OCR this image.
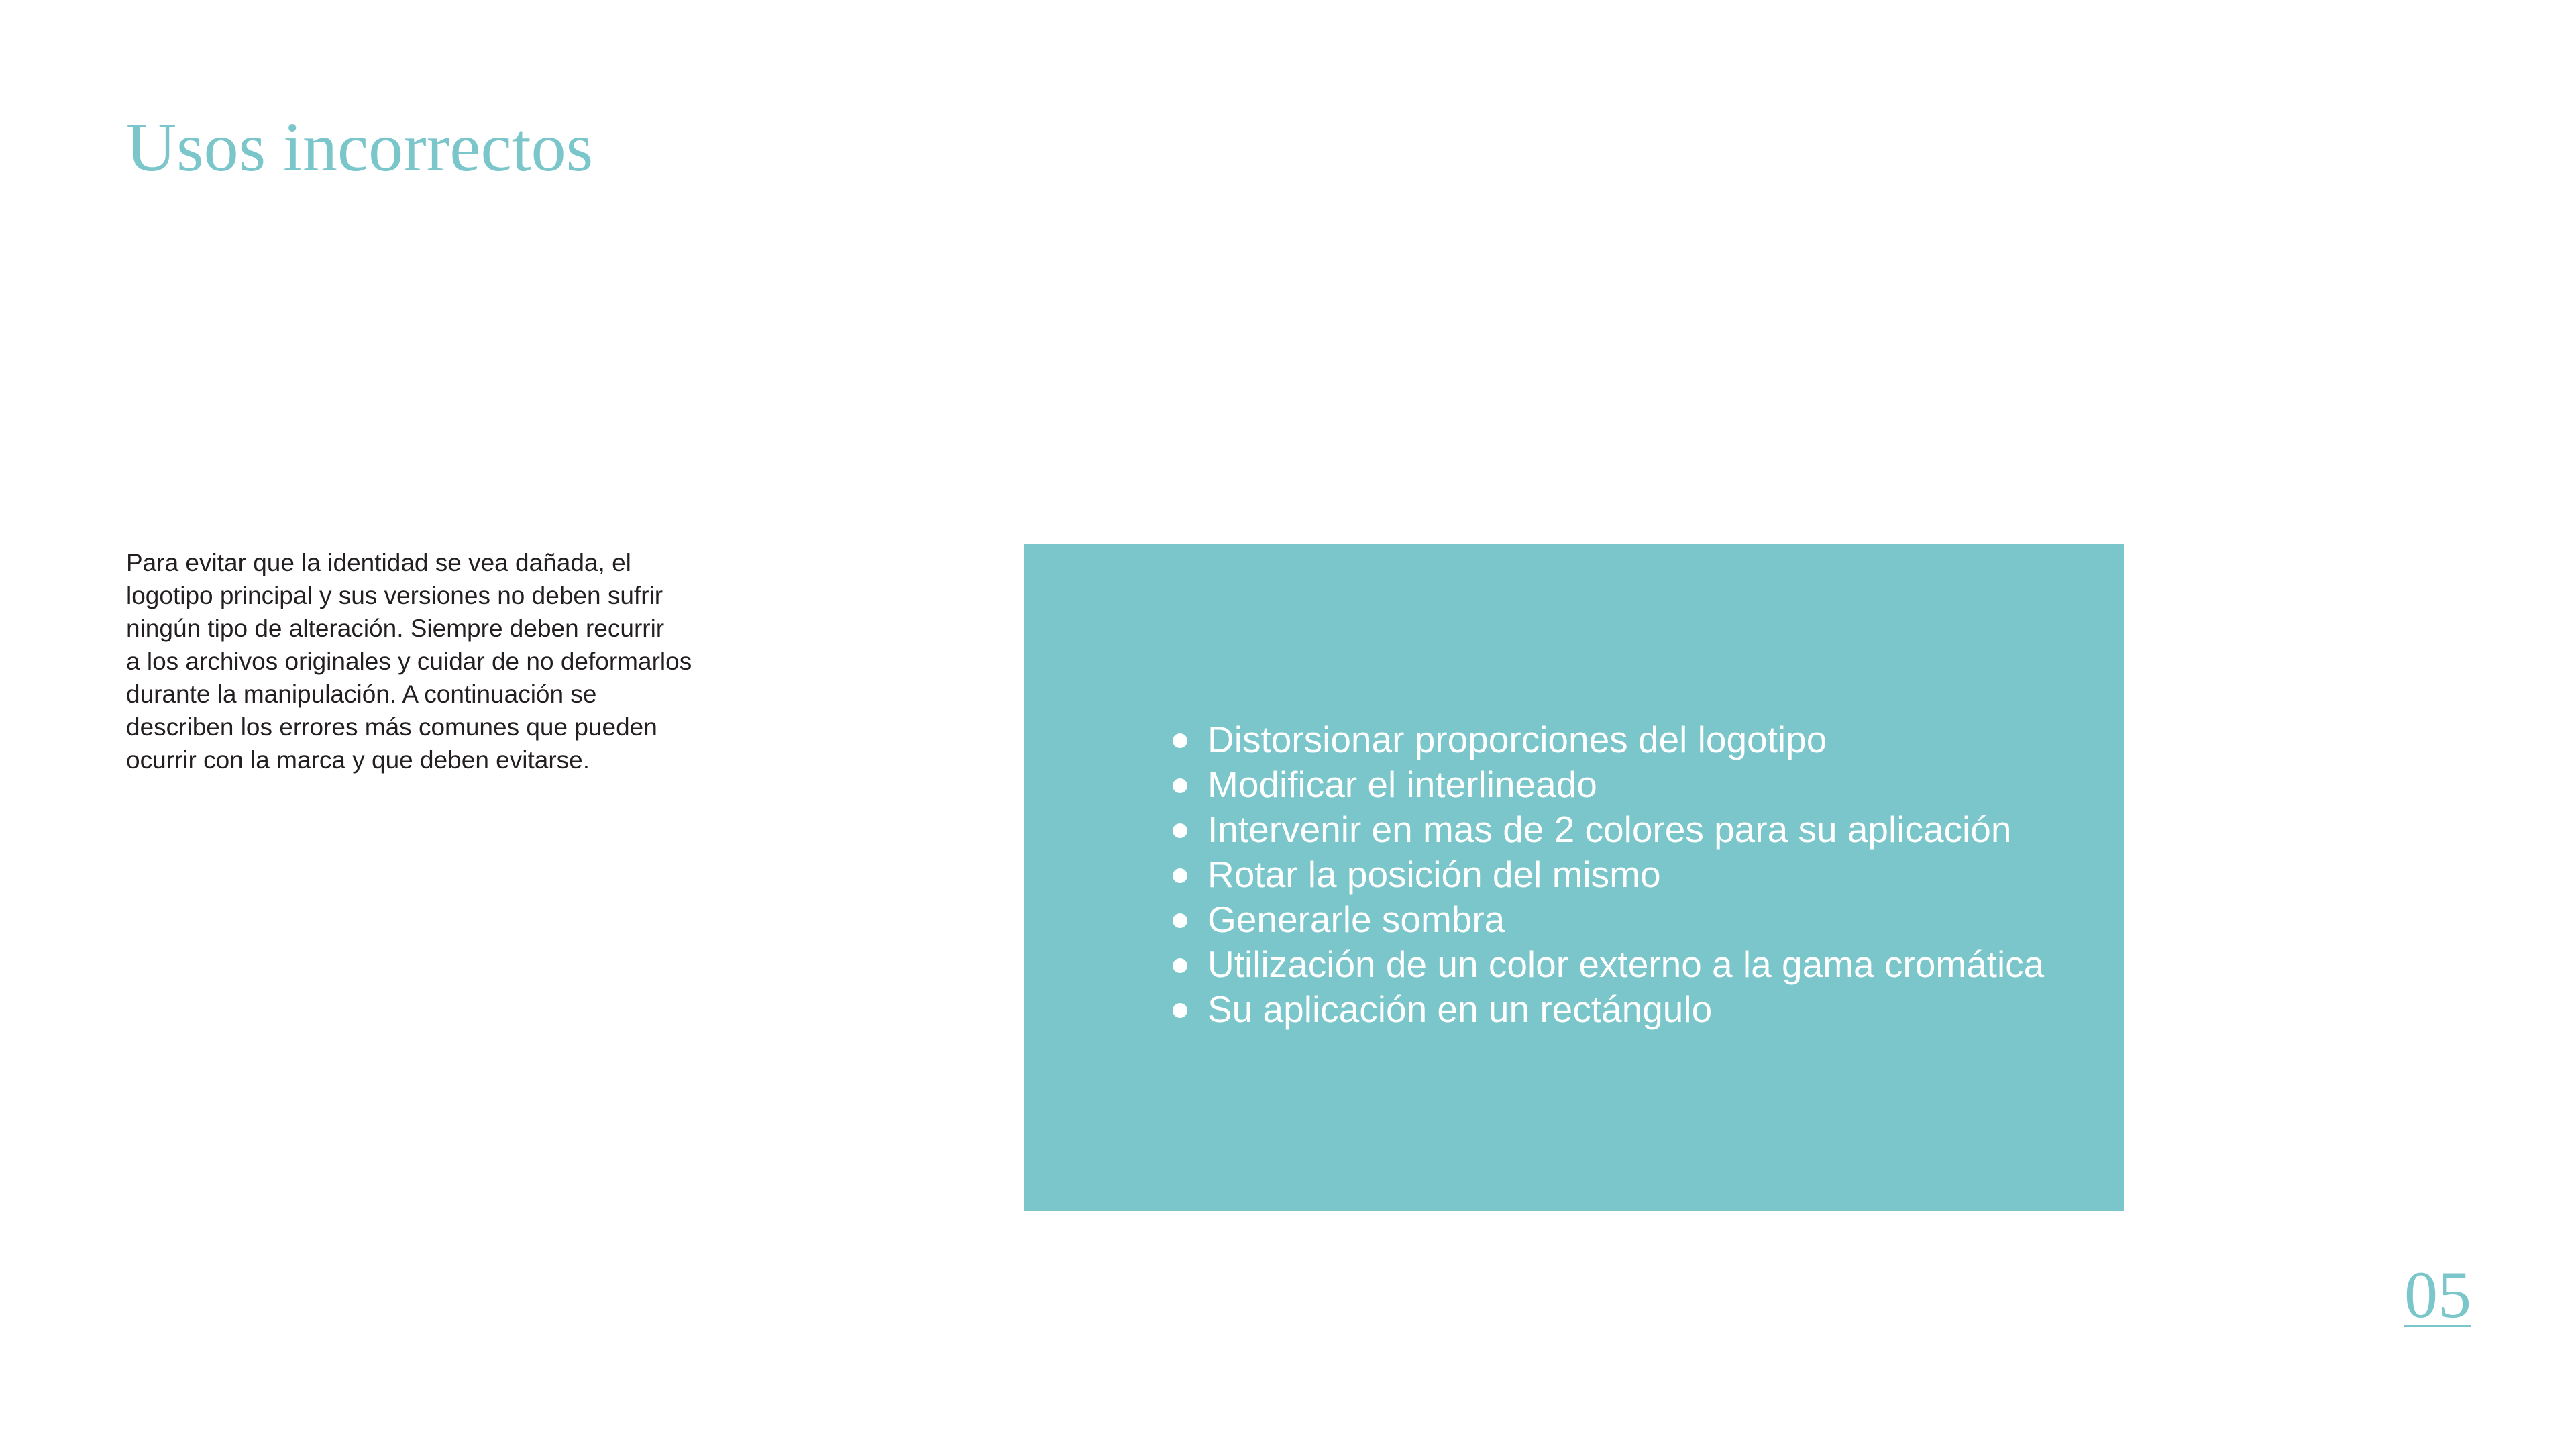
Usos incorrectos

Para evitar que la identidad se vea dañada, el
logotipo principal y sus versiones no deben sufrir
ningún tipo de alteración. Siempre deben recurrir
a los archivos originales y cuidar de no deformarlos
durante la manipulación. A continuación se
describen los errores más comunes que pueden
ocurrir con la marca y que deben evitarse.	Distorsionar proporciones del logotipo
Modificar el interlineado
Intervenir en mas de 2 colores para su aplicación
Rotar la posición del mismo
Generarle sombra
Utilización de un color externo a la gama cromática
Su aplicación en un rectángulo
05
